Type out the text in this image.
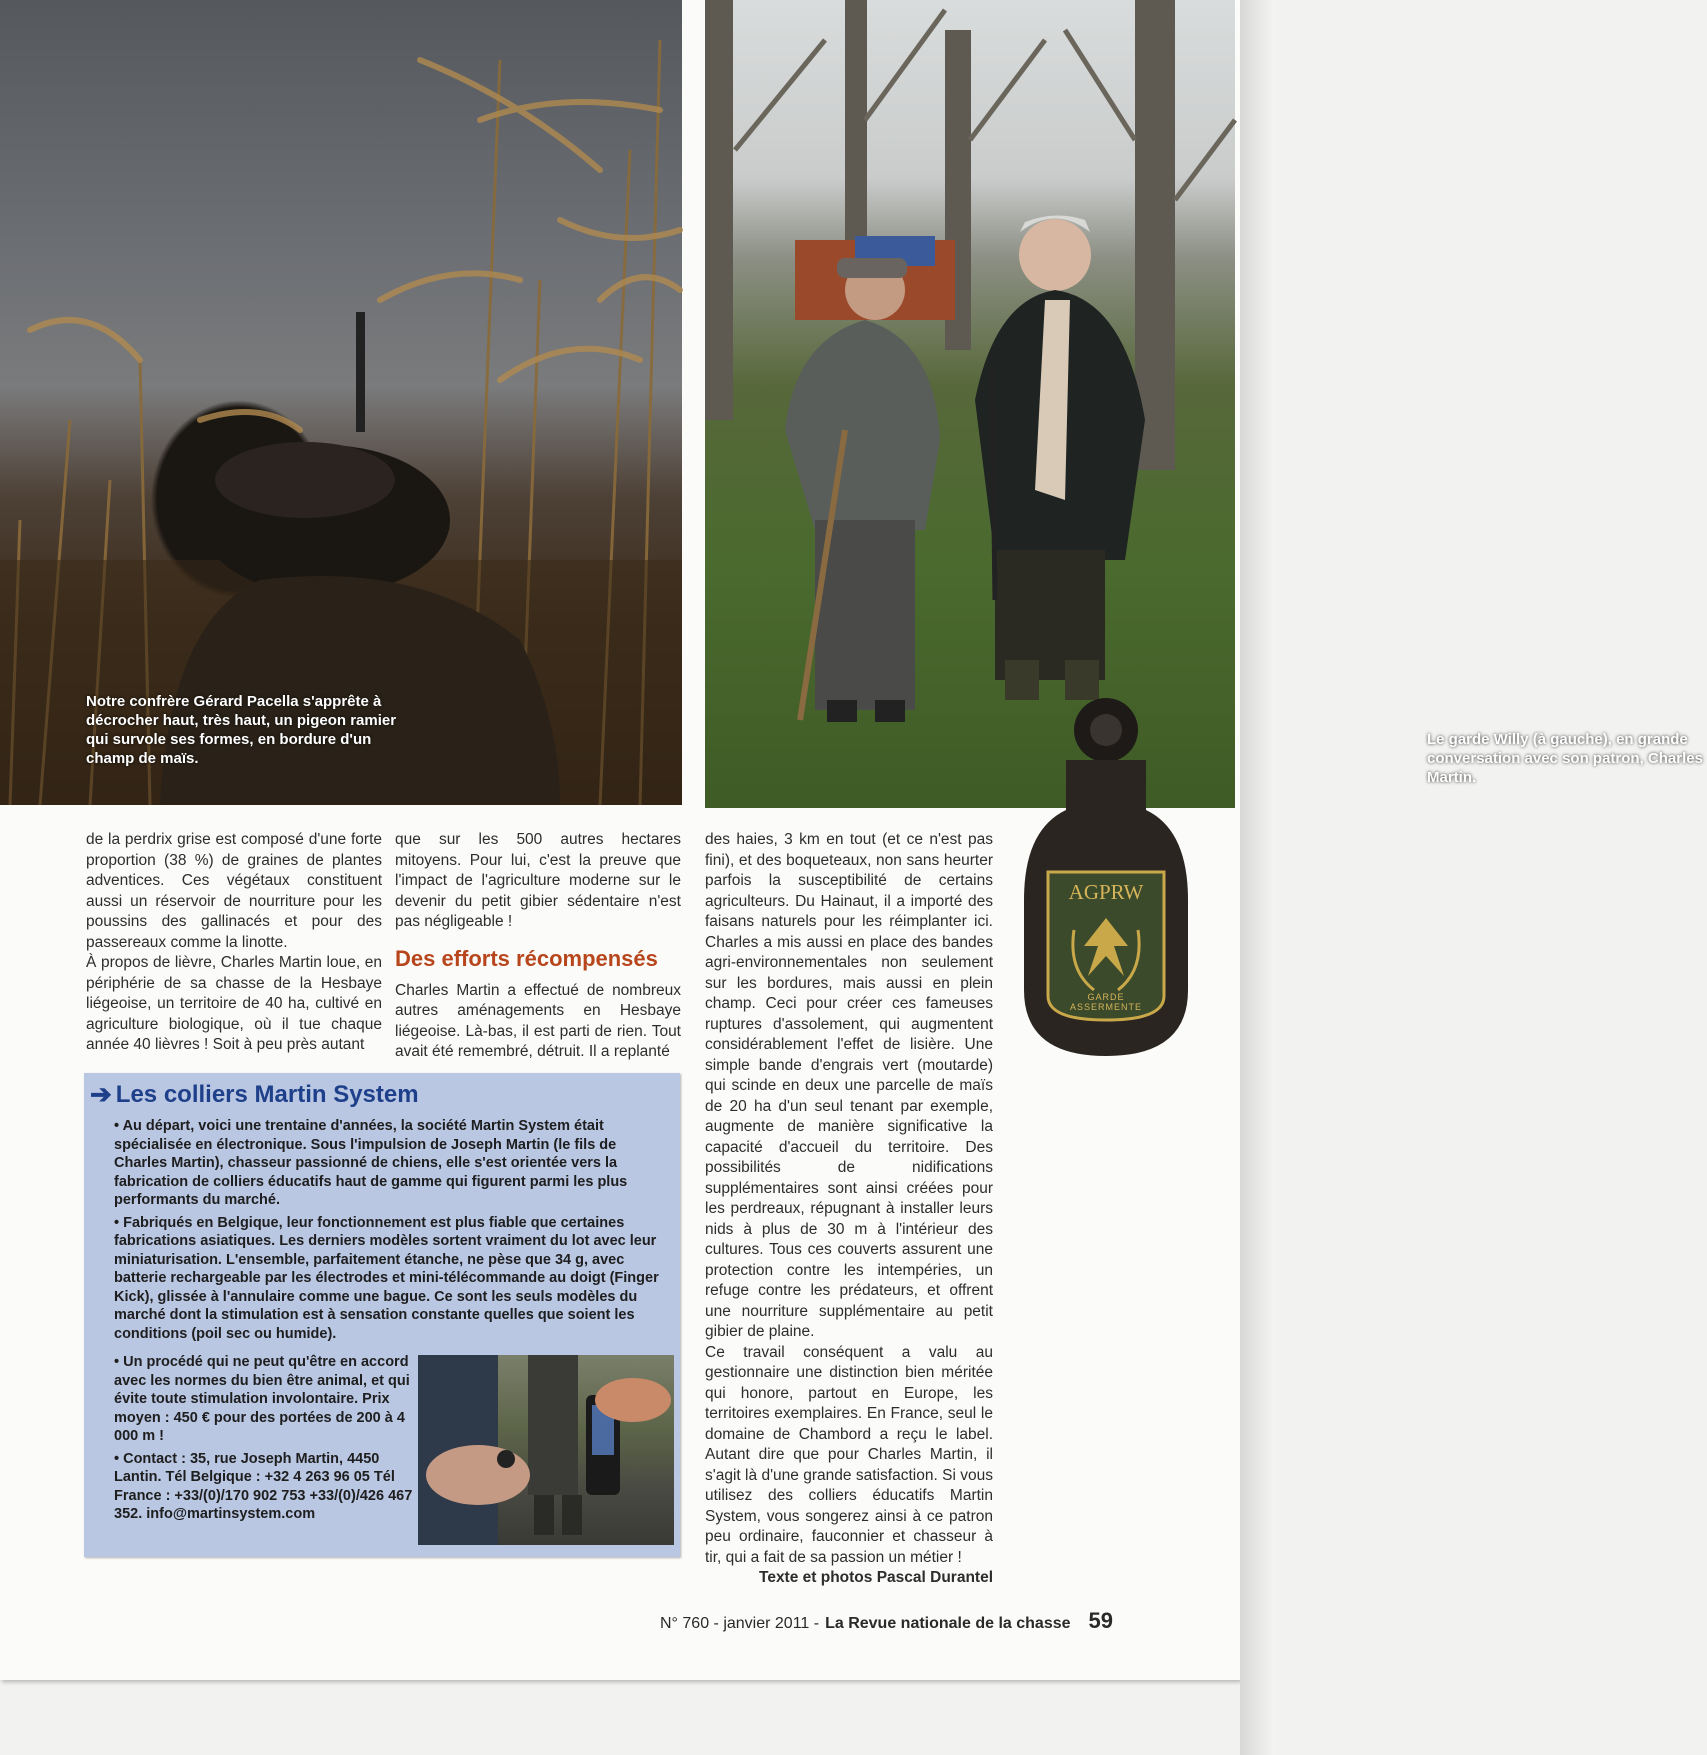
Notre confrère Gérard Pacella s'apprête à décrocher haut, très haut, un pigeon ramier qui survole ses formes, en bordure d'un champ de maïs.
Le garde Willy (à gauche), en grande conversation avec son patron, Charles Martin.
AGPRW
GARDE
ASSERMENTE

de la perdrix grise est composé d'une forte proportion (38 %) de graines de plantes adventices. Ces végétaux constituent aussi un réservoir de nourriture pour les poussins des gallinacés et pour des passereaux comme la linotte.

À propos de lièvre, Charles Martin loue, en périphérie de sa chasse de la Hesbaye liégeoise, un territoire de 40 ha, cultivé en agriculture biologique, où il tue chaque année 40 lièvres ! Soit à peu près autant

que sur les 500 autres hectares mitoyens. Pour lui, c'est la preuve que l'impact de l'agriculture moderne sur le devenir du petit gibier sédentaire n'est pas négligeable !

Des efforts récompensés

Charles Martin a effectué de nombreux autres aménagements en Hesbaye liégeoise. Là-bas, il est parti de rien. Tout avait été remembré, détruit. Il a replanté

des haies, 3 km en tout (et ce n'est pas fini), et des boqueteaux, non sans heurter parfois la susceptibilité de certains agriculteurs. Du Hainaut, il a importé des faisans naturels pour les réimplanter ici. Charles a mis aussi en place des bandes agri-environnementales non seulement sur les bordures, mais aussi en plein champ. Ceci pour créer ces fameuses ruptures d'assolement, qui augmentent considérablement l'effet de lisière. Une simple bande d'engrais vert (moutarde) qui scinde en deux une parcelle de maïs de 20 ha d'un seul tenant par exemple, augmente de manière significative la capacité d'accueil du territoire. Des possibilités de nidifications supplémentaires sont ainsi créées pour les perdreaux, répugnant à installer leurs nids à plus de 30 m à l'intérieur des cultures. Tous ces couverts assurent une protection contre les intempéries, un refuge contre les prédateurs, et offrent une nourriture supplémentaire au petit gibier de plaine.

Ce travail conséquent a valu au gestionnaire une distinction bien méritée qui honore, partout en Europe, les territoires exemplaires. En France, seul le domaine de Chambord a reçu le label. Autant dire que pour Charles Martin, il s'agit là d'une grande satisfaction. Si vous utilisez des colliers éducatifs Martin System, vous songerez ainsi à ce patron peu ordinaire, fauconnier et chasseur à tir, qui a fait de sa passion un métier !

Texte et photos Pascal Durantel

➔ Les colliers Martin System

• Au départ, voici une trentaine d'années, la société Martin System était spécialisée en électronique. Sous l'impulsion de Joseph Martin (le fils de Charles Martin), chasseur passionné de chiens, elle s'est orientée vers la fabrication de colliers éducatifs haut de gamme qui figurent parmi les plus performants du marché.

• Fabriqués en Belgique, leur fonctionnement est plus fiable que certaines fabrications asiatiques. Les derniers modèles sortent vraiment du lot avec leur miniaturisation. L'ensemble, parfaitement étanche, ne pèse que 34 g, avec batterie rechargeable par les électrodes et mini-télécommande au doigt (Finger Kick), glissée à l'annulaire comme une bague. Ce sont les seuls modèles du marché dont la stimulation est à sensation constante quelles que soient les conditions (poil sec ou humide).

• Un procédé qui ne peut qu'être en accord avec les normes du bien être animal, et qui évite toute stimulation involontaire. Prix moyen : 450 € pour des portées de 200 à 4 000 m !

• Contact : 35, rue Joseph Martin, 4450 Lantin. Tél Belgique : +32 4 263 96 05 Tél France : +33/(0)/170 902 753 +33/(0)/426 467 352. info@martinsystem.com

N° 760 - janvier 2011 - La Revue nationale de la chasse 59
